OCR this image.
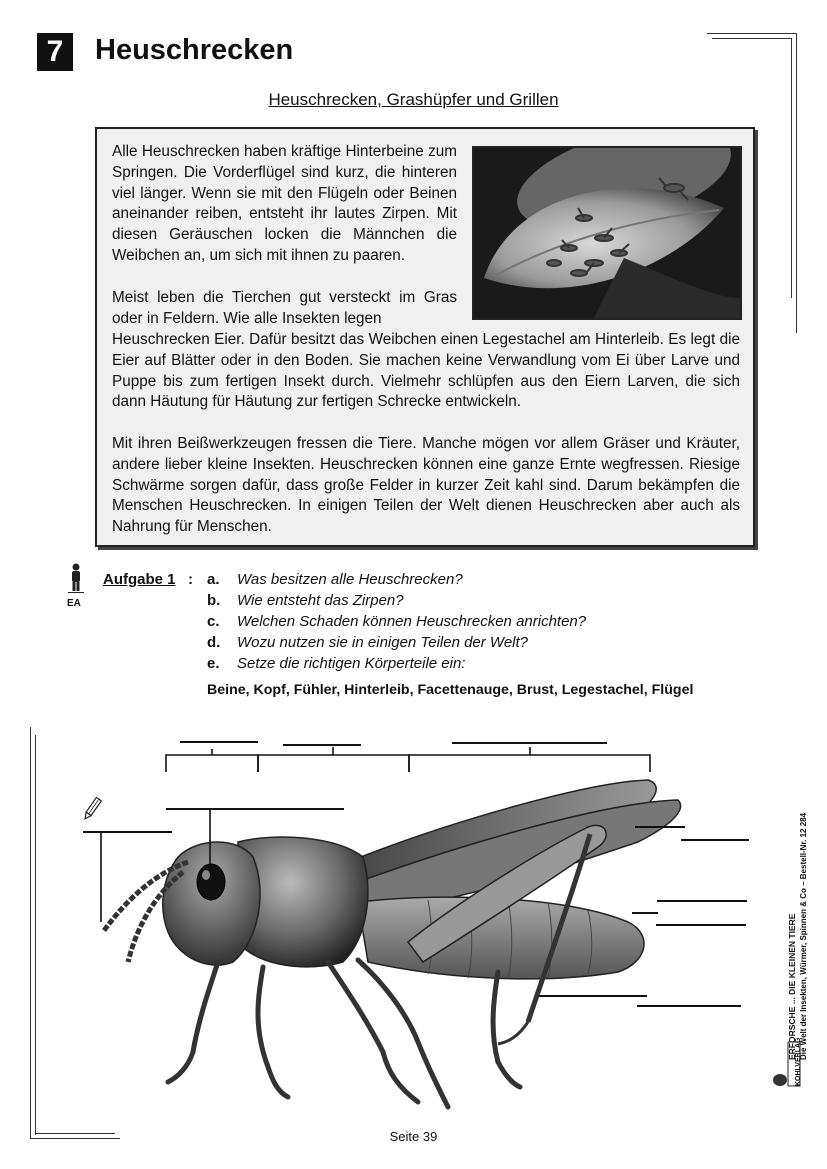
7	Heuschrecken
Heuschrecken, Grashüpfer und Grillen

Alle Heuschrecken haben kräftige Hinterbeine zum Springen. Die Vorderflügel sind kurz, die hinteren viel länger. Wenn sie mit den Flügeln oder Beinen aneinander reiben, entsteht ihr lautes Zirpen. Mit diesen Geräuschen locken die Männchen die Weibchen an, um sich mit ihnen zu paaren.

Meist leben die Tierchen gut versteckt im Gras oder in Feldern. Wie alle Insekten legen

Heuschrecken Eier. Dafür besitzt das Weibchen einen Legestachel am Hinterleib. Es legt die Eier auf Blätter oder in den Boden. Sie machen keine Verwandlung vom Ei über Larve und Puppe bis zum fertigen Insekt durch. Vielmehr schlüpfen aus den Eiern Larven, die sich dann Häutung für Häutung zur fertigen Schrecke entwickeln.

Mit ihren Beißwerkzeugen fressen die Tiere. Manche mögen vor allem Gräser und Kräuter, andere lieber kleine Insekten. Heuschrecken können eine ganze Ernte wegfressen. Riesige Schwärme sorgen dafür, dass große Felder in kurzer Zeit kahl sind. Darum bekämpfen die Menschen Heuschrecken. In einigen Teilen der Welt dienen Heuschrecken aber auch als Nahrung für Menschen.

EA
Aufgabe 1 : a. Was besitzen alle Heuschrecken?
b. Wie entsteht das Zirpen?
c. Welchen Schaden können Heuschrecken anrichten?
d. Wozu nutzen sie in einigen Teilen der Welt?
e. Setze die richtigen Körperteile ein:
Beine, Kopf, Fühler, Hinterleib, Facettenauge, Brust, Legestachel, Flügel
ERFORSCHE ... DIE KLEINEN TIERE Die Welt der Insekten, Würmer, Spinnen & Co – Bestell-Nr. 12 284
KOHLVERLAG
Seite 39
